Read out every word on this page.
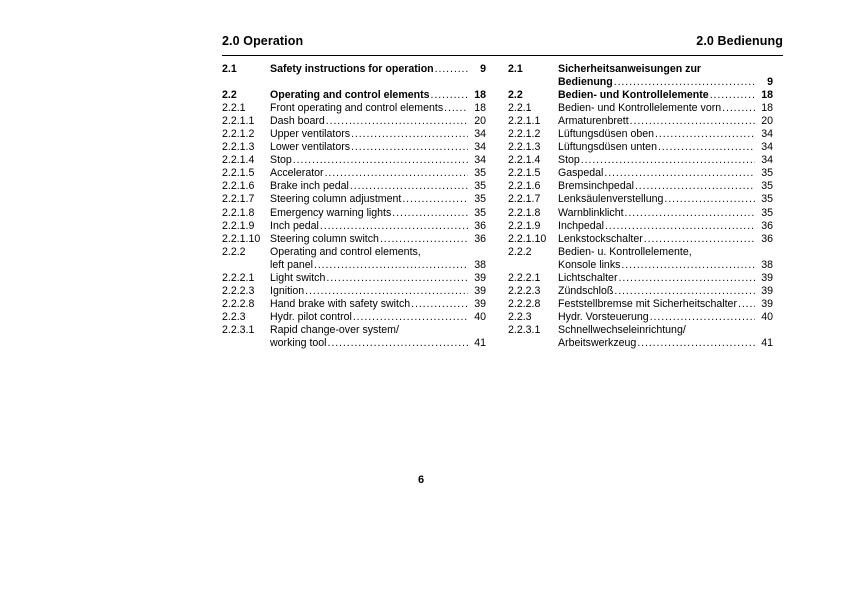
2.0 Operation	2.0 Bedienung
2.1	Safety instructions for operation .....	9
2.2	Operating and control elements .....	18
2.2.1	Front operating and control elements .....	18
2.2.1.1	Dash board .....	20
2.2.1.2	Upper ventilators .....	34
2.2.1.3	Lower ventilators .....	34
2.2.1.4	Stop .....	34
2.2.1.5	Accelerator .....	35
2.2.1.6	Brake inch pedal .....	35
2.2.1.7	Steering column adjustment .....	35
2.2.1.8	Emergency warning lights .....	35
2.2.1.9	Inch pedal .....	36
2.2.1.10 Steering column switch .....	36
2.2.2	Operating and control elements,
left panel .....	38
2.2.2.1	Light switch .....	39
2.2.2.3	Ignition .....	39
2.2.2.8	Hand brake with safety switch .....	39
2.2.3	Hydr. pilot control .....	40
2.2.3.1	Rapid change-over system/
working tool .....	41
2.1	Sicherheitsanweisungen zur
Bedienung .....	9
2.2	Bedien- und Kontrollelemente .....	18
2.2.1	Bedien- und Kontrollelemente vorn .....	18
2.2.1.1	Armaturenbrett .....	20
2.2.1.2	Lüftungsdüsen oben .....	34
2.2.1.3	Lüftungsdüsen unten .....	34
2.2.1.4	Stop .....	34
2.2.1.5	Gaspedal .....	35
2.2.1.6	Bremsinchpedal .....	35
2.2.1.7	Lenksäulenverstellung .....	35
2.2.1.8	Warnblinklicht .....	35
2.2.1.9	Inchpedal .....	36
2.2.1.10	Lenkstockschalter .....	36
2.2.2	Bedien- u. Kontrollelemente,
Konsole links .....	38
2.2.2.1	Lichtschalter .....	39
2.2.2.3	Zündschloß .....	39
2.2.2.8	Feststellbremse mit Sicherheitschalter .....	39
2.2.3	Hydr. Vorsteuerung .....	40
2.2.3.1	Schnellwechseleinrichtung/
Arbeitswerkzeug .....	41
6
